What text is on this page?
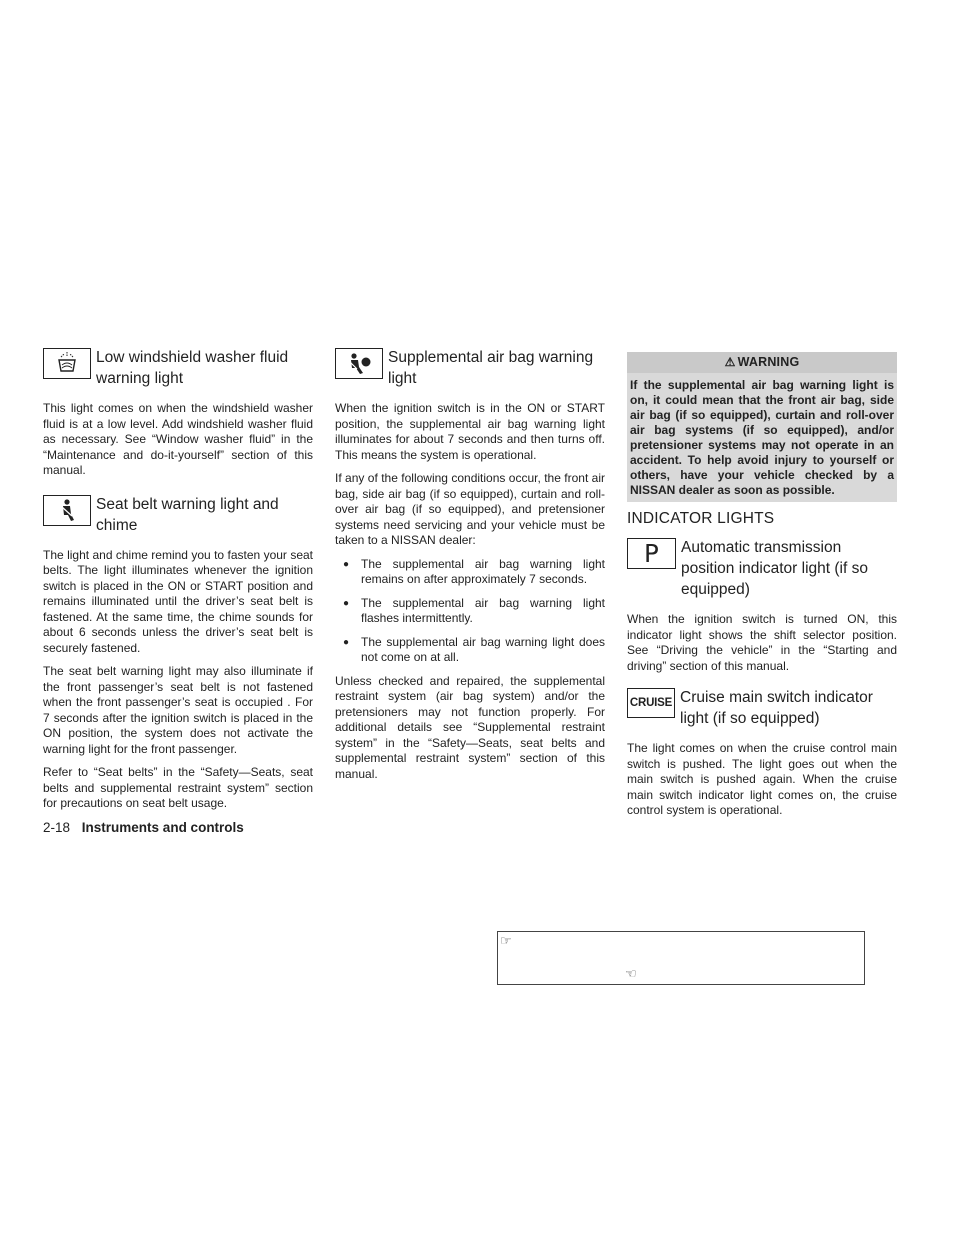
Low windshield washer fluid warning light

This light comes on when the windshield washer fluid is at a low level. Add windshield washer fluid as necessary. See “Window washer fluid” in the “Maintenance and do-it-yourself” section of this manual.

Seat belt warning light and chime

The light and chime remind you to fasten your seat belts. The light illuminates whenever the ignition switch is placed in the ON or START position and remains illuminated until the driver’s seat belt is fastened. At the same time, the chime sounds for about 6 seconds unless the driver’s seat belt is securely fastened.

The seat belt warning light may also illuminate if the front passenger’s seat belt is not fastened when the front passenger’s seat is occupied . For 7 seconds after the ignition switch is placed in the ON position, the system does not activate the warning light for the front passenger.

Refer to “Seat belts” in the “Safety—Seats, seat belts and supplemental restraint system” section for precautions on seat belt usage.

Supplemental air bag warning light

When the ignition switch is in the ON or START position, the supplemental air bag warning light illuminates for about 7 seconds and then turns off. This means the system is operational.

If any of the following conditions occur, the front air bag, side air bag (if so equipped), curtain and roll-over air bag (if so equipped), and pretensioner systems need servicing and your vehicle must be taken to a NISSAN dealer:

● The supplemental air bag warning light remains on after approximately 7 seconds.
● The supplemental air bag warning light flashes intermittently.
● The supplemental air bag warning light does not come on at all.

Unless checked and repaired, the supplemental restraint system (air bag system) and/or the pretensioners may not function properly. For additional details see “Supplemental restraint system” in the “Safety—Seats, seat belts and supplemental restraint system” section of this manual.

⚠ WARNING
If the supplemental air bag warning light is on, it could mean that the front air bag, side air bag (if so equipped), curtain and roll-over air bag systems (if so equipped), and/or pretensioner systems may not operate in an accident. To help avoid injury to yourself or others, have your vehicle checked by a NISSAN dealer as soon as possible.
INDICATOR LIGHTS
P Automatic transmission position indicator light (if so equipped)

When the ignition switch is turned ON, this indicator light shows the shift selector position. See “Driving the vehicle” in the “Starting and driving” section of this manual.

CRUISE Cruise main switch indicator light (if so equipped)

The light comes on when the cruise control main switch is pushed. The light goes out when the main switch is pushed again. When the cruise main switch indicator light comes on, the cruise control system is operational.

2-18 Instruments and controls
☞
☜
